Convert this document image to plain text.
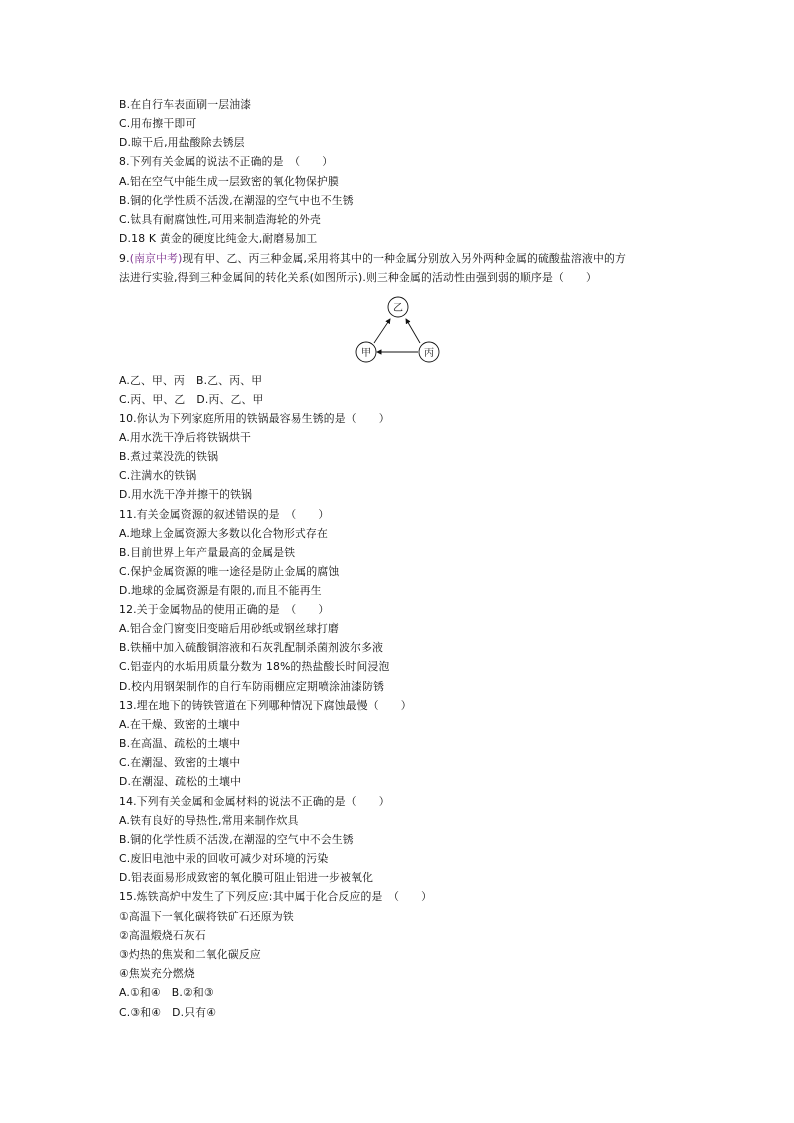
B.在自行车表面刷一层油漆
C.用布擦干即可
D.晾干后,用盐酸除去锈层
8.下列有关金属的说法不正确的是　（　　）
A.铝在空气中能生成一层致密的氧化物保护膜
B.铜的化学性质不活泼,在潮湿的空气中也不生锈
C.钛具有耐腐蚀性,可用来制造海轮的外壳
D.18 K 黄金的硬度比纯金大,耐磨易加工
9.(南京中考)现有甲、乙、丙三种金属,采用将其中的一种金属分别放入另外两种金属的硫酸盐溶液中的方
法进行实验,得到三种金属间的转化关系(如图所示).则三种金属的活动性由强到弱的顺序是（　　）
乙
甲	丙
A.乙、甲、丙　B.乙、丙、甲
C.丙、甲、乙　D.丙、乙、甲
10.你认为下列家庭所用的铁锅最容易生锈的是（　　）
A.用水洗干净后将铁锅烘干
B.煮过菜没洗的铁锅
C.注满水的铁锅
D.用水洗干净并擦干的铁锅
11.有关金属资源的叙述错误的是　（　　）
A.地球上金属资源大多数以化合物形式存在
B.目前世界上年产量最高的金属是铁
C.保护金属资源的唯一途径是防止金属的腐蚀
D.地球的金属资源是有限的,而且不能再生
12.关于金属物品的使用正确的是　（　　）
A.铝合金门窗变旧变暗后用砂纸或钢丝球打磨
B.铁桶中加入硫酸铜溶液和石灰乳配制杀菌剂波尔多液
C.铝壶内的水垢用质量分数为 18%的热盐酸长时间浸泡
D.校内用钢架制作的自行车防雨棚应定期喷涂油漆防锈
13.埋在地下的铸铁管道在下列哪种情况下腐蚀最慢（　　）
A.在干燥、致密的土壤中
B.在高温、疏松的土壤中
C.在潮湿、致密的土壤中
D.在潮湿、疏松的土壤中
14.下列有关金属和金属材料的说法不正确的是（　　）
A.铁有良好的导热性,常用来制作炊具
B.铜的化学性质不活泼,在潮湿的空气中不会生锈
C.废旧电池中汞的回收可减少对环境的污染
D.铝表面易形成致密的氧化膜可阻止铝进一步被氧化
15.炼铁高炉中发生了下列反应:其中属于化合反应的是　（　　）
①高温下一氧化碳将铁矿石还原为铁
②高温煅烧石灰石
③灼热的焦炭和二氧化碳反应
④焦炭充分燃烧
A.①和④　B.②和③
C.③和④　D.只有④
